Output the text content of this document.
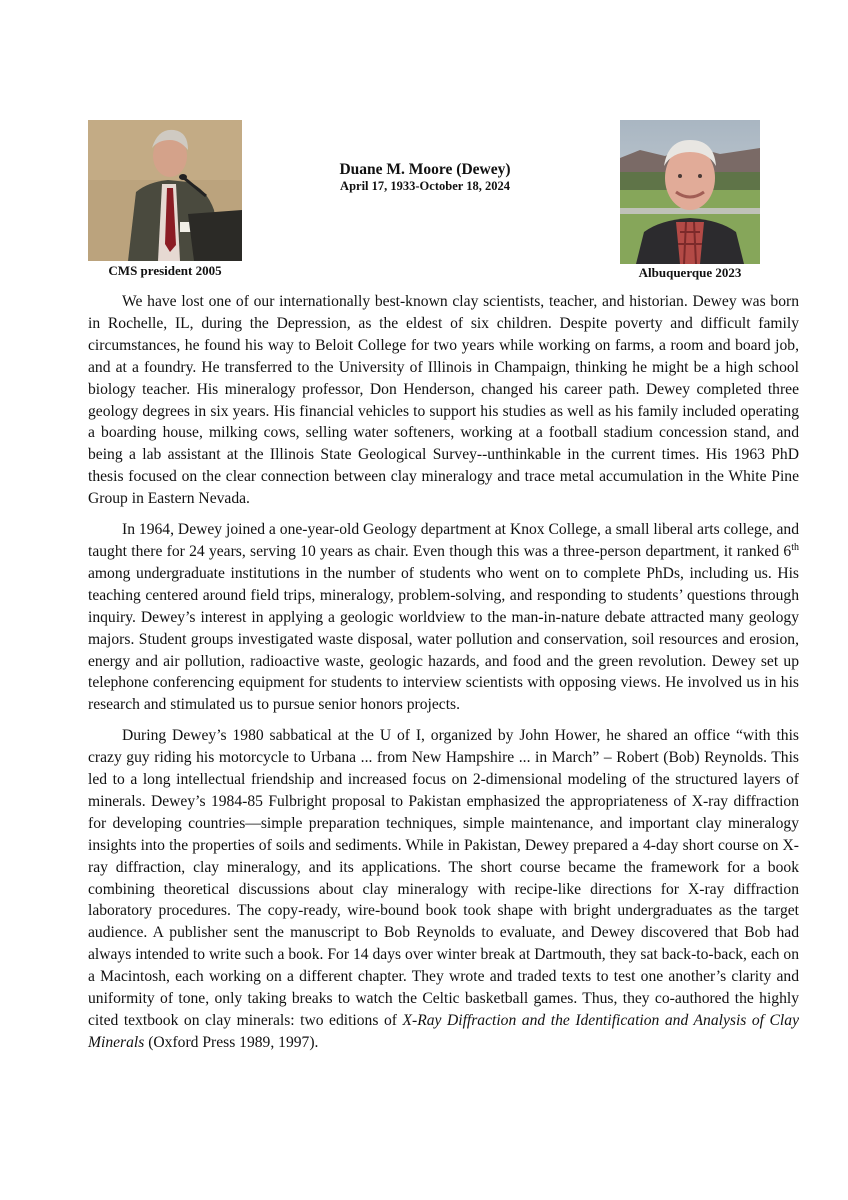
CMS president 2005	Albuquerque 2023
Duane M. Moore (Dewey)
April 17, 1933-October 18, 2024

We have lost one of our internationally best-known clay scientists, teacher, and historian. Dewey was born in Rochelle, IL, during the Depression, as the eldest of six children. Despite poverty and difficult family circumstances, he found his way to Beloit College for two years while working on farms, a room and board job, and at a foundry. He transferred to the University of Illinois in Champaign, thinking he might be a high school biology teacher. His mineralogy professor, Don Henderson, changed his career path. Dewey completed three geology degrees in six years. His financial vehicles to support his studies as well as his family included operating a boarding house, milking cows, selling water softeners, working at a football stadium concession stand, and being a lab assistant at the Illinois State Geological Survey--unthinkable in the current times. His 1963 PhD thesis focused on the clear connection between clay mineralogy and trace metal accumulation in the White Pine Group in Eastern Nevada.

In 1964, Dewey joined a one-year-old Geology department at Knox College, a small liberal arts college, and taught there for 24 years, serving 10 years as chair. Even though this was a three-person department, it ranked 6th among undergraduate institutions in the number of students who went on to complete PhDs, including us. His teaching centered around field trips, mineralogy, problem-solving, and responding to students’ questions through inquiry. Dewey’s interest in applying a geologic worldview to the man-in-nature debate attracted many geology majors. Student groups investigated waste disposal, water pollution and conservation, soil resources and erosion, energy and air pollution, radioactive waste, geologic hazards, and food and the green revolution. Dewey set up telephone conferencing equipment for students to interview scientists with opposing views. He involved us in his research and stimulated us to pursue senior honors projects.

During Dewey’s 1980 sabbatical at the U of I, organized by John Hower, he shared an office “with this crazy guy riding his motorcycle to Urbana ... from New Hampshire ... in March” – Robert (Bob) Reynolds. This led to a long intellectual friendship and increased focus on 2-dimensional modeling of the structured layers of minerals. Dewey’s 1984-85 Fulbright proposal to Pakistan emphasized the appropriateness of X-ray diffraction for developing countries—simple preparation techniques, simple maintenance, and important clay mineralogy insights into the properties of soils and sediments. While in Pakistan, Dewey prepared a 4-day short course on X-ray diffraction, clay mineralogy, and its applications. The short course became the framework for a book combining theoretical discussions about clay mineralogy with recipe-like directions for X-ray diffraction laboratory procedures. The copy-ready, wire-bound book took shape with bright undergraduates as the target audience. A publisher sent the manuscript to Bob Reynolds to evaluate, and Dewey discovered that Bob had always intended to write such a book. For 14 days over winter break at Dartmouth, they sat back-to-back, each on a Macintosh, each working on a different chapter. They wrote and traded texts to test one another’s clarity and uniformity of tone, only taking breaks to watch the Celtic basketball games. Thus, they co-authored the highly cited textbook on clay minerals: two editions of X-Ray Diffraction and the Identification and Analysis of Clay Minerals (Oxford Press 1989, 1997).
